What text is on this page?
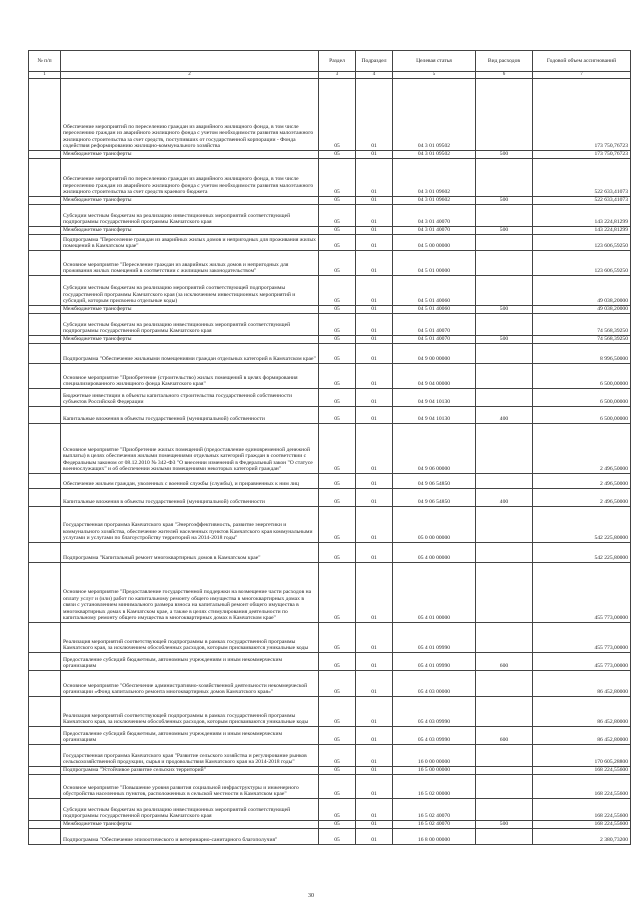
№ п/п		Раздел	Подраздел	Целевая статья	Вид расходов	Годовой объем ассигнований
1	2	3	4	5	6	7
	Обеспечение мероприятий по переселению граждан из аварийного жилищного фонда, в том числе переселению граждан из аварийного жилищного фонда с учетом необходимости развития малоэтажного жилищного строительства за счет средств, поступивших от государственной корпорации - Фонда содействия реформированию жилищно-коммунального хозяйства	05	01	04 3 01 09502		173 750,76723
	Межбюджетные трансферты	05	01	04 3 01 09502	500	173 750,76723
	Обеспечение мероприятий по переселению граждан из аварийного жилищного фонда, в том числе переселению граждан из аварийного жилищного фонда с учетом необходимости развития малоэтажного жилищного строительства за счет средств краевого бюджета	05	01	04 3 01 09602		522 633,41073
	Межбюджетные трансферты	05	01	04 3 01 09602	500	522 633,41073
	Субсидии местным бюджетам на реализацию инвестиционных мероприятий соответствующей подпрограммы государственной программы Камчатского края	05	01	04 3 01 40070		143 224,81299
	Межбюджетные трансферты	05	01	04 3 01 40070	500	143 224,81299
	Подпрограмма "Переселение граждан из аварийных жилых домов и непригодных для проживания жилых помещений в Камчатском крае"	05	01	04 5 00 00000		123 606,59250
	Основное мероприятие "Переселение граждан из аварийных жилых домов и непригодных для проживания жилых помещений в соответствии с жилищным законодательством"	05	01	04 5 01 00000		123 606,59250
	Субсидии местным бюджетам на реализацию мероприятий соответствующей подпрограммы государственной программы Камчатского края (за исключением инвестиционных мероприятий и субсидий, которым присвоены отдельные коды)	05	01	04 5 01 40060		49 038,20000
	Межбюджетные трансферты	05	01	04 5 01 40060	500	49 038,20000
	Субсидии местным бюджетам на реализацию инвестиционных мероприятий соответствующей подпрограммы государственной программы Камчатского края	05	01	04 5 01 40070		74 568,39250
	Межбюджетные трансферты	05	01	04 5 01 40070	500	74 568,39250
	Подпрограмма "Обеспечение жильными помещениями граждан отдельных категорий в Камчатском крае"	05	01	04 9 00 00000		8 996,50000
	Основное мероприятие "Приобретение (строительство) жилых помещений в целях формирования специализированного жилищного фонда Камчатского края"	05	01	04 9 04 00000		6 500,00000
	Бюджетные инвестиции в объекты капитального строительства государственной собственности субъектов Российской Федерации	05	01	04 9 04 10130		6 500,00000
	Капитальные вложения в объекты государственной (муниципальной) собственности	05	01	04 9 04 10130	400	6 500,00000
	Основное мероприятие "Приобретение жилых помещений (предоставление единовременной денежной выплаты) в целях обеспечения жилыми помещениями отдельных категорий граждан в соответствии с Федеральным законом от 08.12.2010 № 342-ФЗ "О внесении изменений в Федеральный закон "О статусе военнослужащих" и об обеспечении жилыми помещениями некоторых категорий граждан"	05	01	04 9 06 00000		2 496,50000
	Обеспечение жильем граждан, уволенных с военной службы (службы), и приравненных к ним лиц	05	01	04 9 06 54850		2 496,50000
	Капитальные вложения в объекты государственной (муниципальной) собственности	05	01	04 9 06 54850	400	2 496,50000
	Государственная программа Камчатского края "Энергоэффективность, развитие энергетики и коммунального хозяйства, обеспечение жителей населенных пунктов Камчатского края коммунальными услугами и услугами по благоустройству территорий на 2014-2018 годы"	05	01	05 0 00 00000		542 225,80000
	Подпрограмма "Капитальный ремонт многоквартирных домов в Камчатском крае"	05	01	05 4 00 00000		542 225,80000
	Основное мероприятие "Предоставление государственной поддержки на возмещение части расходов на оплату услуг и (или) работ по капитальному ремонту общего имущества в многоквартирных домах в связи с установлением минимального размера взноса на капитальный ремонт общего имущества в многоквартирных домах в Камчатском крае, а также в целях стимулирования деятельности по капитальному ремонту общего имущества в многоквартирных домах в Камчатском крае"	05	01	05 4 01 00000		455 773,00000
	Реализация мероприятий соответствующей подпрограммы в рамках государственной программы Камчатского края, за исключением обособленных расходов, которым присваиваются уникальные коды	05	01	05 4 01 09990		455 773,00000
	Предоставление субсидий бюджетным, автономным учреждениям и иным некоммерческим организациям	05	01	05 4 01 09990	600	455 773,00000
	Основное мероприятие "Обеспечение административно-хозяйственной деятельности некоммерческой организации «Фонд капитального ремонта многоквартирных домов Камчатского края»"	05	01	05 4 03 00000		86 452,80000
	Реализация мероприятий соответствующей подпрограммы в рамках государственной программы Камчатского края, за исключением обособленных расходов, которым присваиваются уникальные коды	05	01	05 4 03 09990		86 452,80000
	Предоставление субсидий бюджетным, автономным учреждениям и иным некоммерческим организациям	05	01	05 4 03 09990	600	86 452,80000
	Государственная программа Камчатского края "Развитие сельского хозяйства и регулирование рынков сельскохозяйственной продукции, сырья и продовольствия Камчатского края на 2014-2018 годы"	05	01	16 0 00 00000		170 605,28800
	Подпрограмма "Устойчивое развитие сельских территорий"	05	01	16 5 00 00000		168 224,55600
	Основное мероприятие "Повышение уровня развития социальной инфраструктуры и инженерного обустройства населенных пунктов, расположенных в сельской местности в Камчатском крае"	05	01	16 5 02 00000		168 224,55600
	Субсидии местным бюджетам на реализацию инвестиционных мероприятий соответствующей подпрограммы государственной программы Камчатского края	05	01	16 5 02 40070		168 224,55600
	Межбюджетные трансферты	05	01	16 5 02 40070	500	168 224,55600
	Подпрограмма "Обеспечение эпизоотического и ветеринарно-санитарного благополучия"	05	01	16 8 00 00000		2 380,73200
30
